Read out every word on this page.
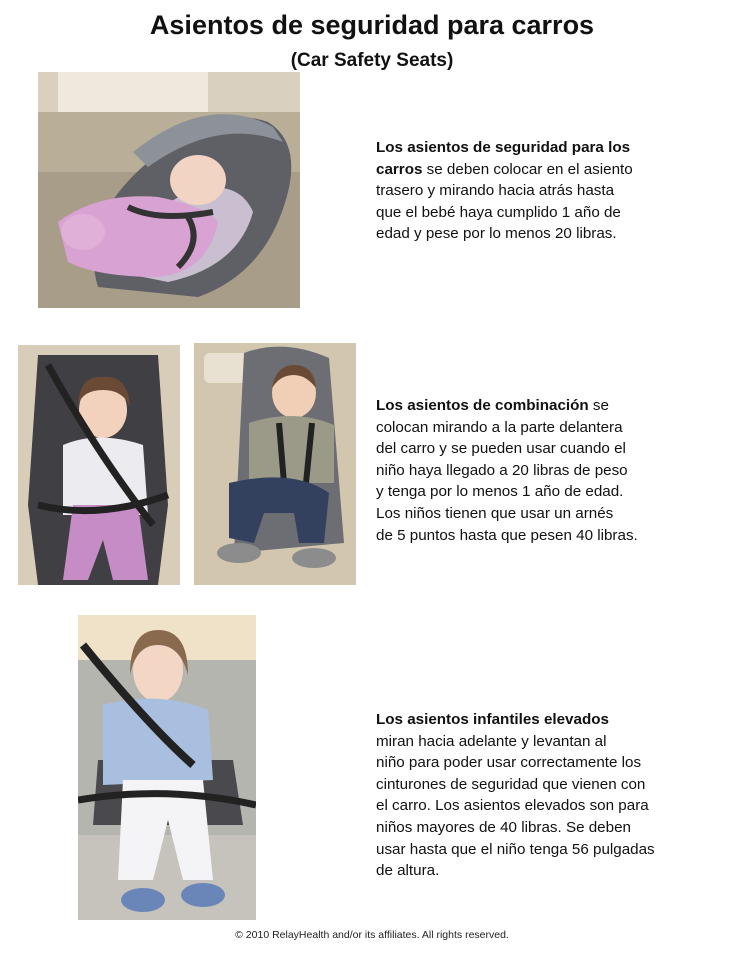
Asientos de seguridad para carros
(Car Safety Seats)

Los asientos de seguridad para los
carros se deben colocar en el asiento
trasero y mirando hacia atrás hasta
que el bebé haya cumplido 1 año de
edad y pese por lo menos 20 libras.

Los asientos de combinación se
colocan mirando a la parte delantera
del carro y se pueden usar cuando el
niño haya llegado a 20 libras de peso
y tenga por lo menos 1 año de edad.
Los niños tienen que usar un arnés
de 5 puntos hasta que pesen 40 libras.

Los asientos infantiles elevados
miran hacia adelante y levantan al
niño para poder usar correctamente los
cinturones de seguridad que vienen con
el carro. Los asientos elevados son para
niños mayores de 40 libras. Se deben
usar hasta que el niño tenga 56 pulgadas
de altura.

© 2010 RelayHealth and/or its affiliates. All rights reserved.
